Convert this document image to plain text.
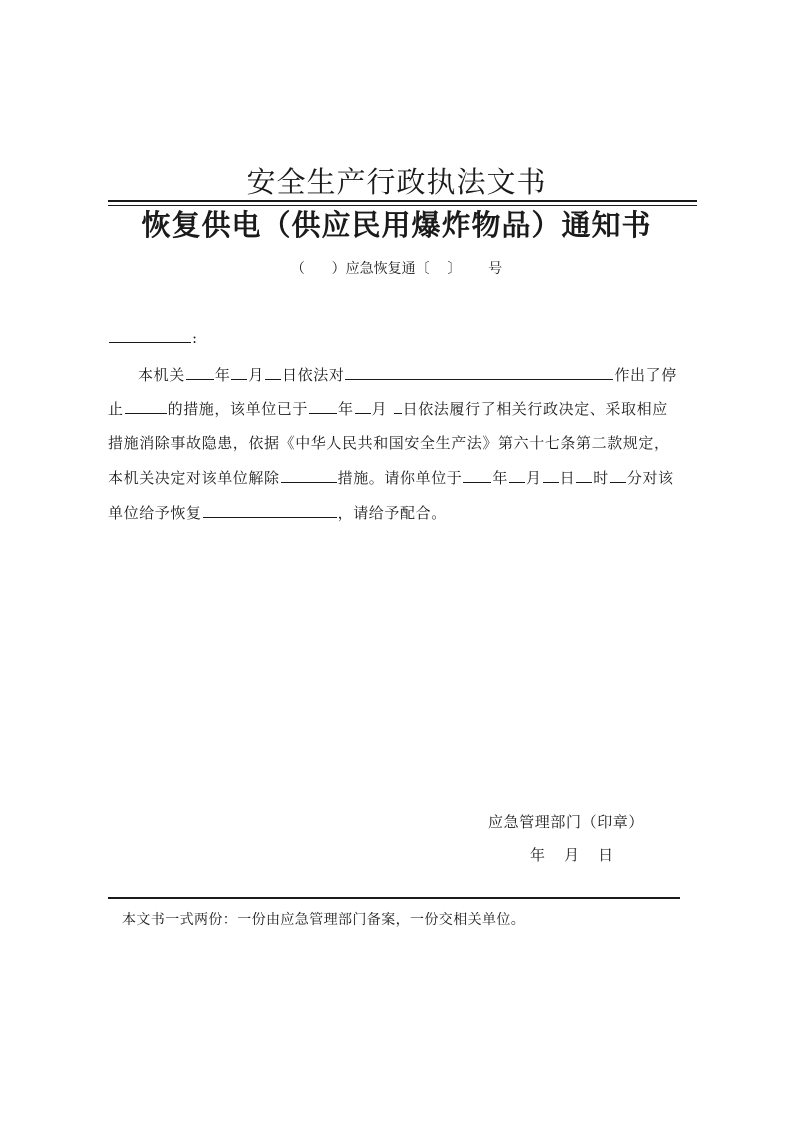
安全生产行政执法文书
恢复供电（供应民用爆炸物品）通知书
（      ）应急恢复通〔    〕      号
:
本机关 年 月 日依法对	作出了停
止	的措施，该单位已于 年 月 日依法履行了相关行政决定、采取相应
措施消除事故隐患，依据《中华人民共和国安全生产法》第六十七条第二款规定，
本机关决定对该单位解除	措施。请你单位于 年 月 日 时 分对该
单位给予恢复	，请给予配合。
应急管理部门（印章）
年    月    日
本文书一式两份：一份由应急管理部门备案，一份交相关单位。
